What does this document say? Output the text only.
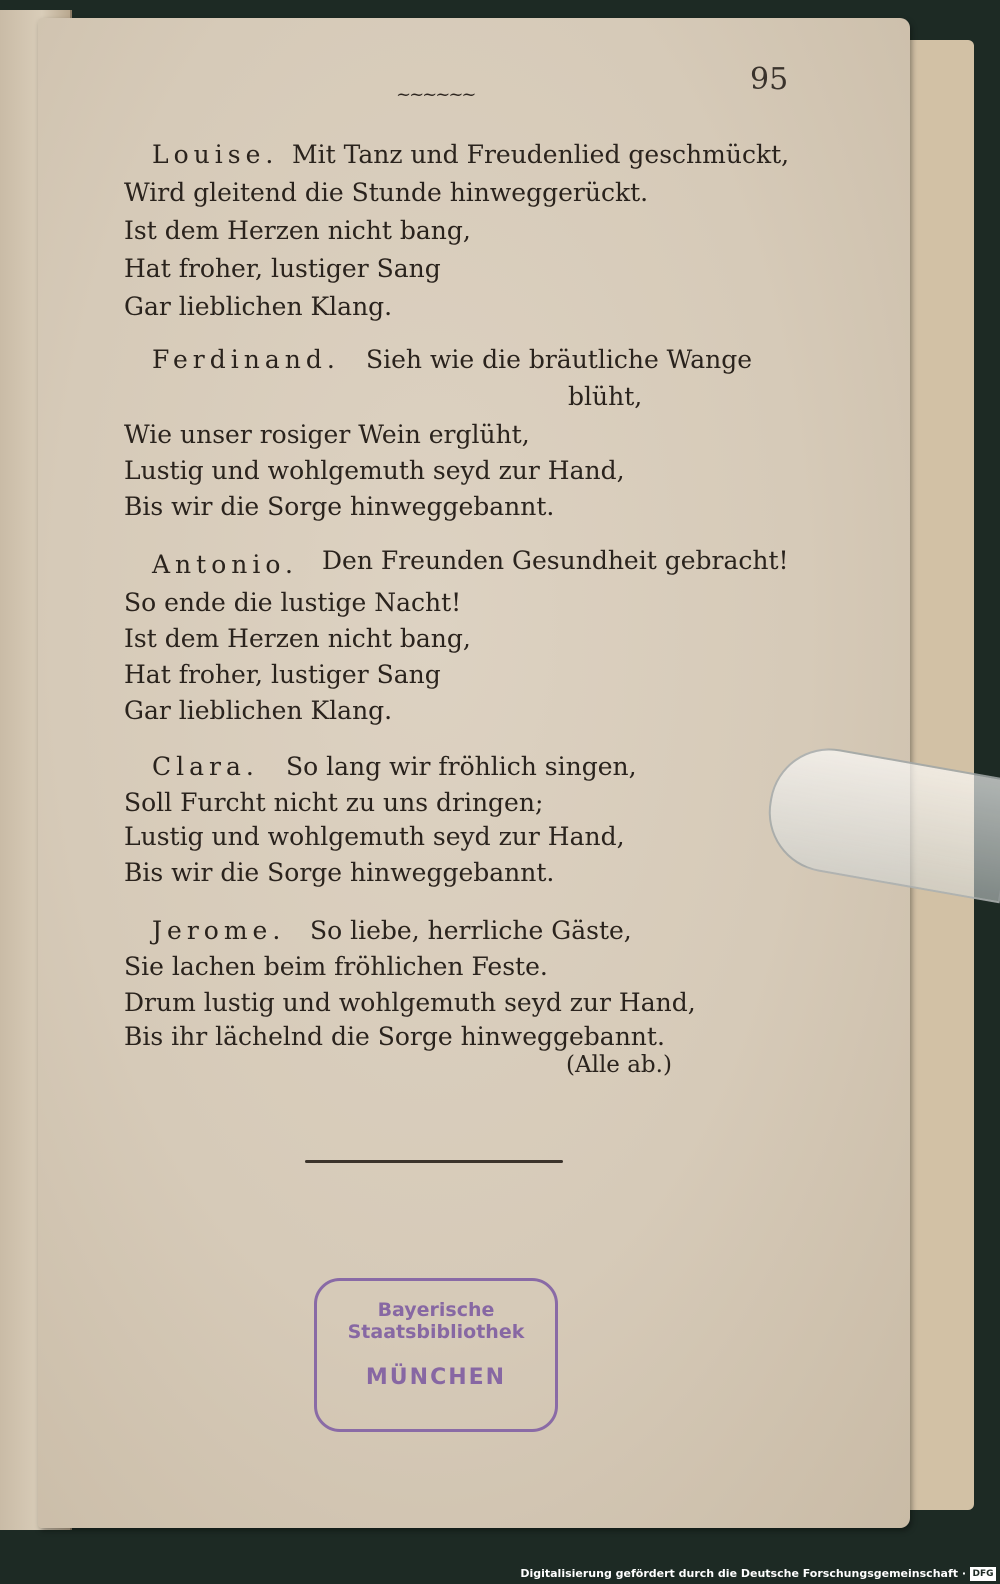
~~~~~~	95
Louise. Mit Tanz und Freudenlied geschmückt,
Wird gleitend die Stunde hinweggerückt.
Ist dem Herzen nicht bang,
Hat froher, lustiger Sang
Gar lieblichen Klang.
Ferdinand. Sieh wie die bräutliche Wange
blüht,
Wie unser rosiger Wein erglüht,
Lustig und wohlgemuth seyd zur Hand,
Bis wir die Sorge hinweggebannt.
Antonio. Den Freunden Gesundheit gebracht!
So ende die lustige Nacht!
Ist dem Herzen nicht bang,
Hat froher, lustiger Sang
Gar lieblichen Klang.
Clara. So lang wir fröhlich singen,
Soll Furcht nicht zu uns dringen;
Lustig und wohlgemuth seyd zur Hand,
Bis wir die Sorge hinweggebannt.
Jerome. So liebe, herrliche Gäste,
Sie lachen beim fröhlichen Feste.
Drum lustig und wohlgemuth seyd zur Hand,
Bis ihr lächelnd die Sorge hinweggebannt.
(Alle ab.)
Bayerische
Staatsbibliothek
MÜNCHEN
Digitalisierung gefördert durch die Deutsche Forschungsgemeinschaft · DFG
